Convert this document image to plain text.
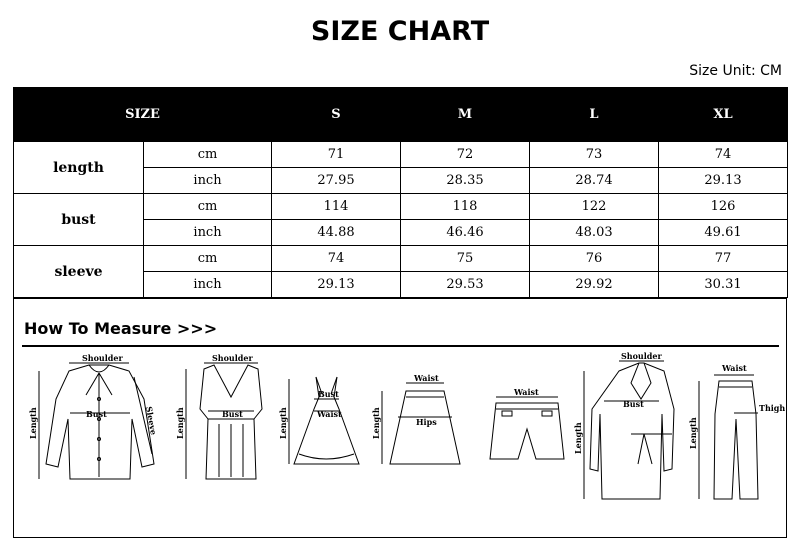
SIZE CHART
Size Unit: CM
SIZE		S	M	L	XL
length	cm	71	72	73	74
	inch	27.95	28.35	28.74	29.13
bust	cm	114	118	122	126
	inch	44.88	46.46	48.03	49.61
sleeve	cm	74	75	76	77
	inch	29.13	29.53	29.92	30.31
How To Measure >>>
Shoulder
Bust
Length	Sleeve
Shoulder
Bust
Length
Bust
Waist
Length
Waist
Hips
Length
Waist
Shoulder
Bust
Length
Waist
Thigh
Length
